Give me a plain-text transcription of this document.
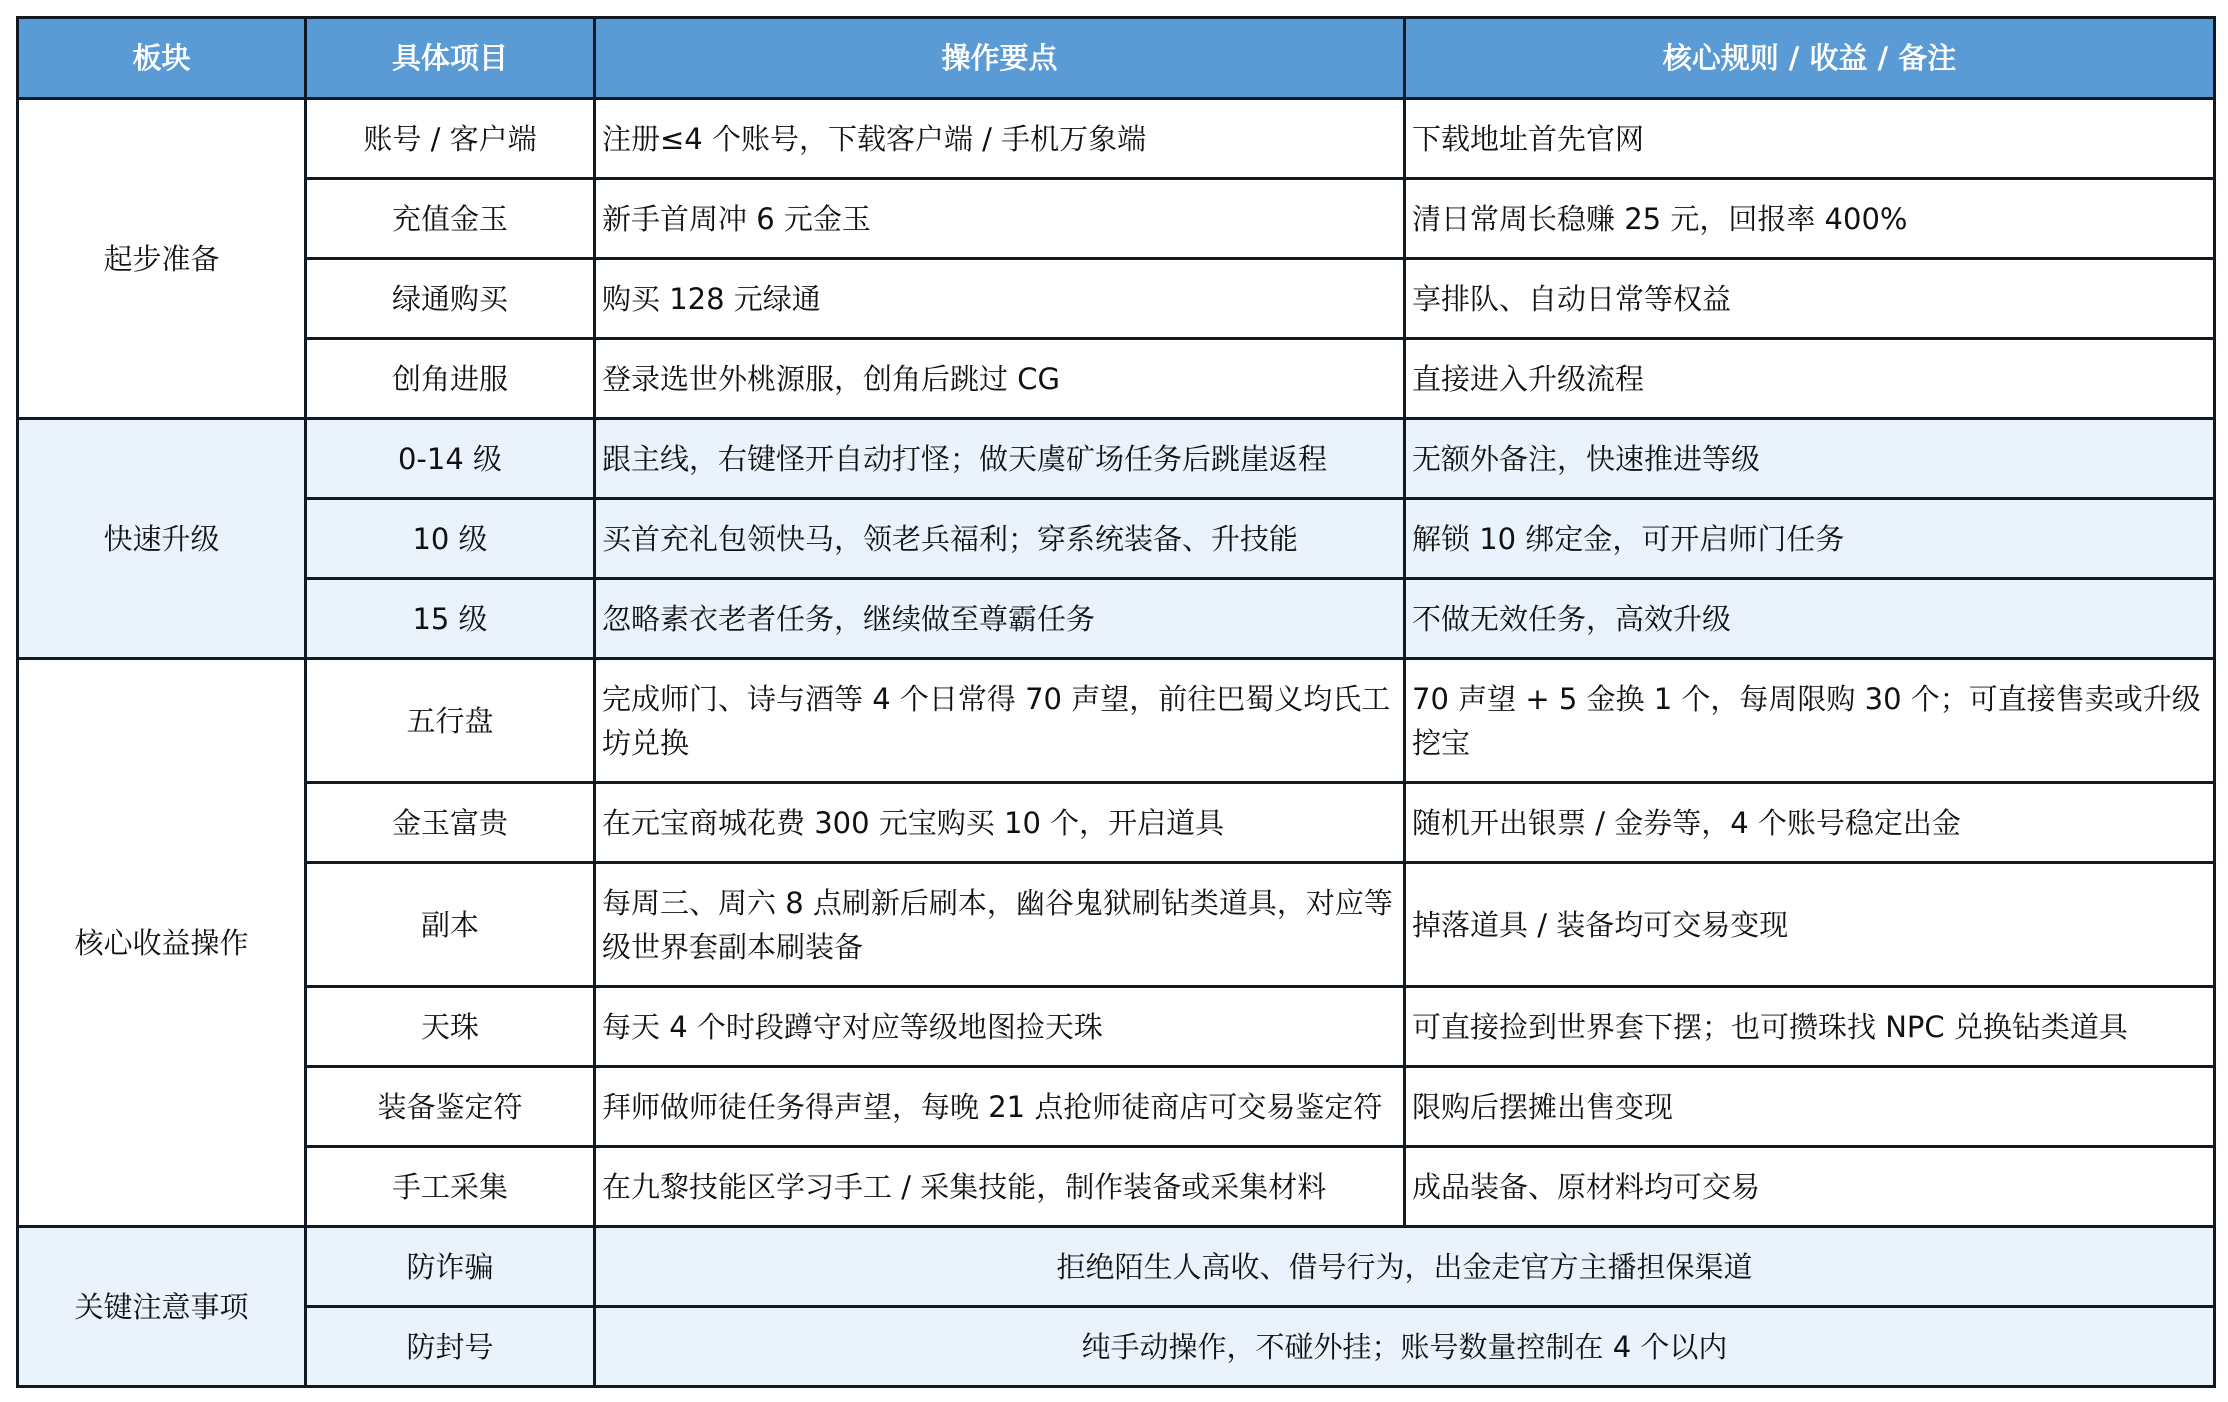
板块	具体项目	操作要点	核心规则 / 收益 / 备注
起步准备	账号 / 客户端	注册≤4 个账号，下载客户端 / 手机万象端	下载地址首先官网
	充值金玉	新手首周冲 6 元金玉	清日常周长稳赚 25 元，回报率 400%
	绿通购买	购买 128 元绿通	享排队、自动日常等权益
	创角进服	登录选世外桃源服，创角后跳过 CG	直接进入升级流程
快速升级	0-14 级	跟主线，右键怪开自动打怪；做天虞矿场任务后跳崖返程	无额外备注，快速推进等级
	10 级	买首充礼包领快马，领老兵福利；穿系统装备、升技能	解锁 10 绑定金，可开启师门任务
	15 级	忽略素衣老者任务，继续做至尊霸任务	不做无效任务，高效升级
核心收益操作	五行盘	完成师门、诗与酒等 4 个日常得 70 声望，前往巴蜀义均氏工坊兑换	70 声望 + 5 金换 1 个，每周限购 30 个；可直接售卖或升级挖宝
	金玉富贵	在元宝商城花费 300 元宝购买 10 个，开启道具	随机开出银票 / 金券等，4 个账号稳定出金
	副本	每周三、周六 8 点刷新后刷本，幽谷鬼狱刷钻类道具，对应等级世界套副本刷装备	掉落道具 / 装备均可交易变现
	天珠	每天 4 个时段蹲守对应等级地图捡天珠	可直接捡到世界套下摆；也可攒珠找 NPC 兑换钻类道具
	装备鉴定符	拜师做师徒任务得声望，每晚 21 点抢师徒商店可交易鉴定符	限购后摆摊出售变现
	手工采集	在九黎技能区学习手工 / 采集技能，制作装备或采集材料	成品装备、原材料均可交易
关键注意事项	防诈骗	拒绝陌生人高收、借号行为，出金走官方主播担保渠道	
	防封号	纯手动操作，不碰外挂；账号数量控制在 4 个以内	
